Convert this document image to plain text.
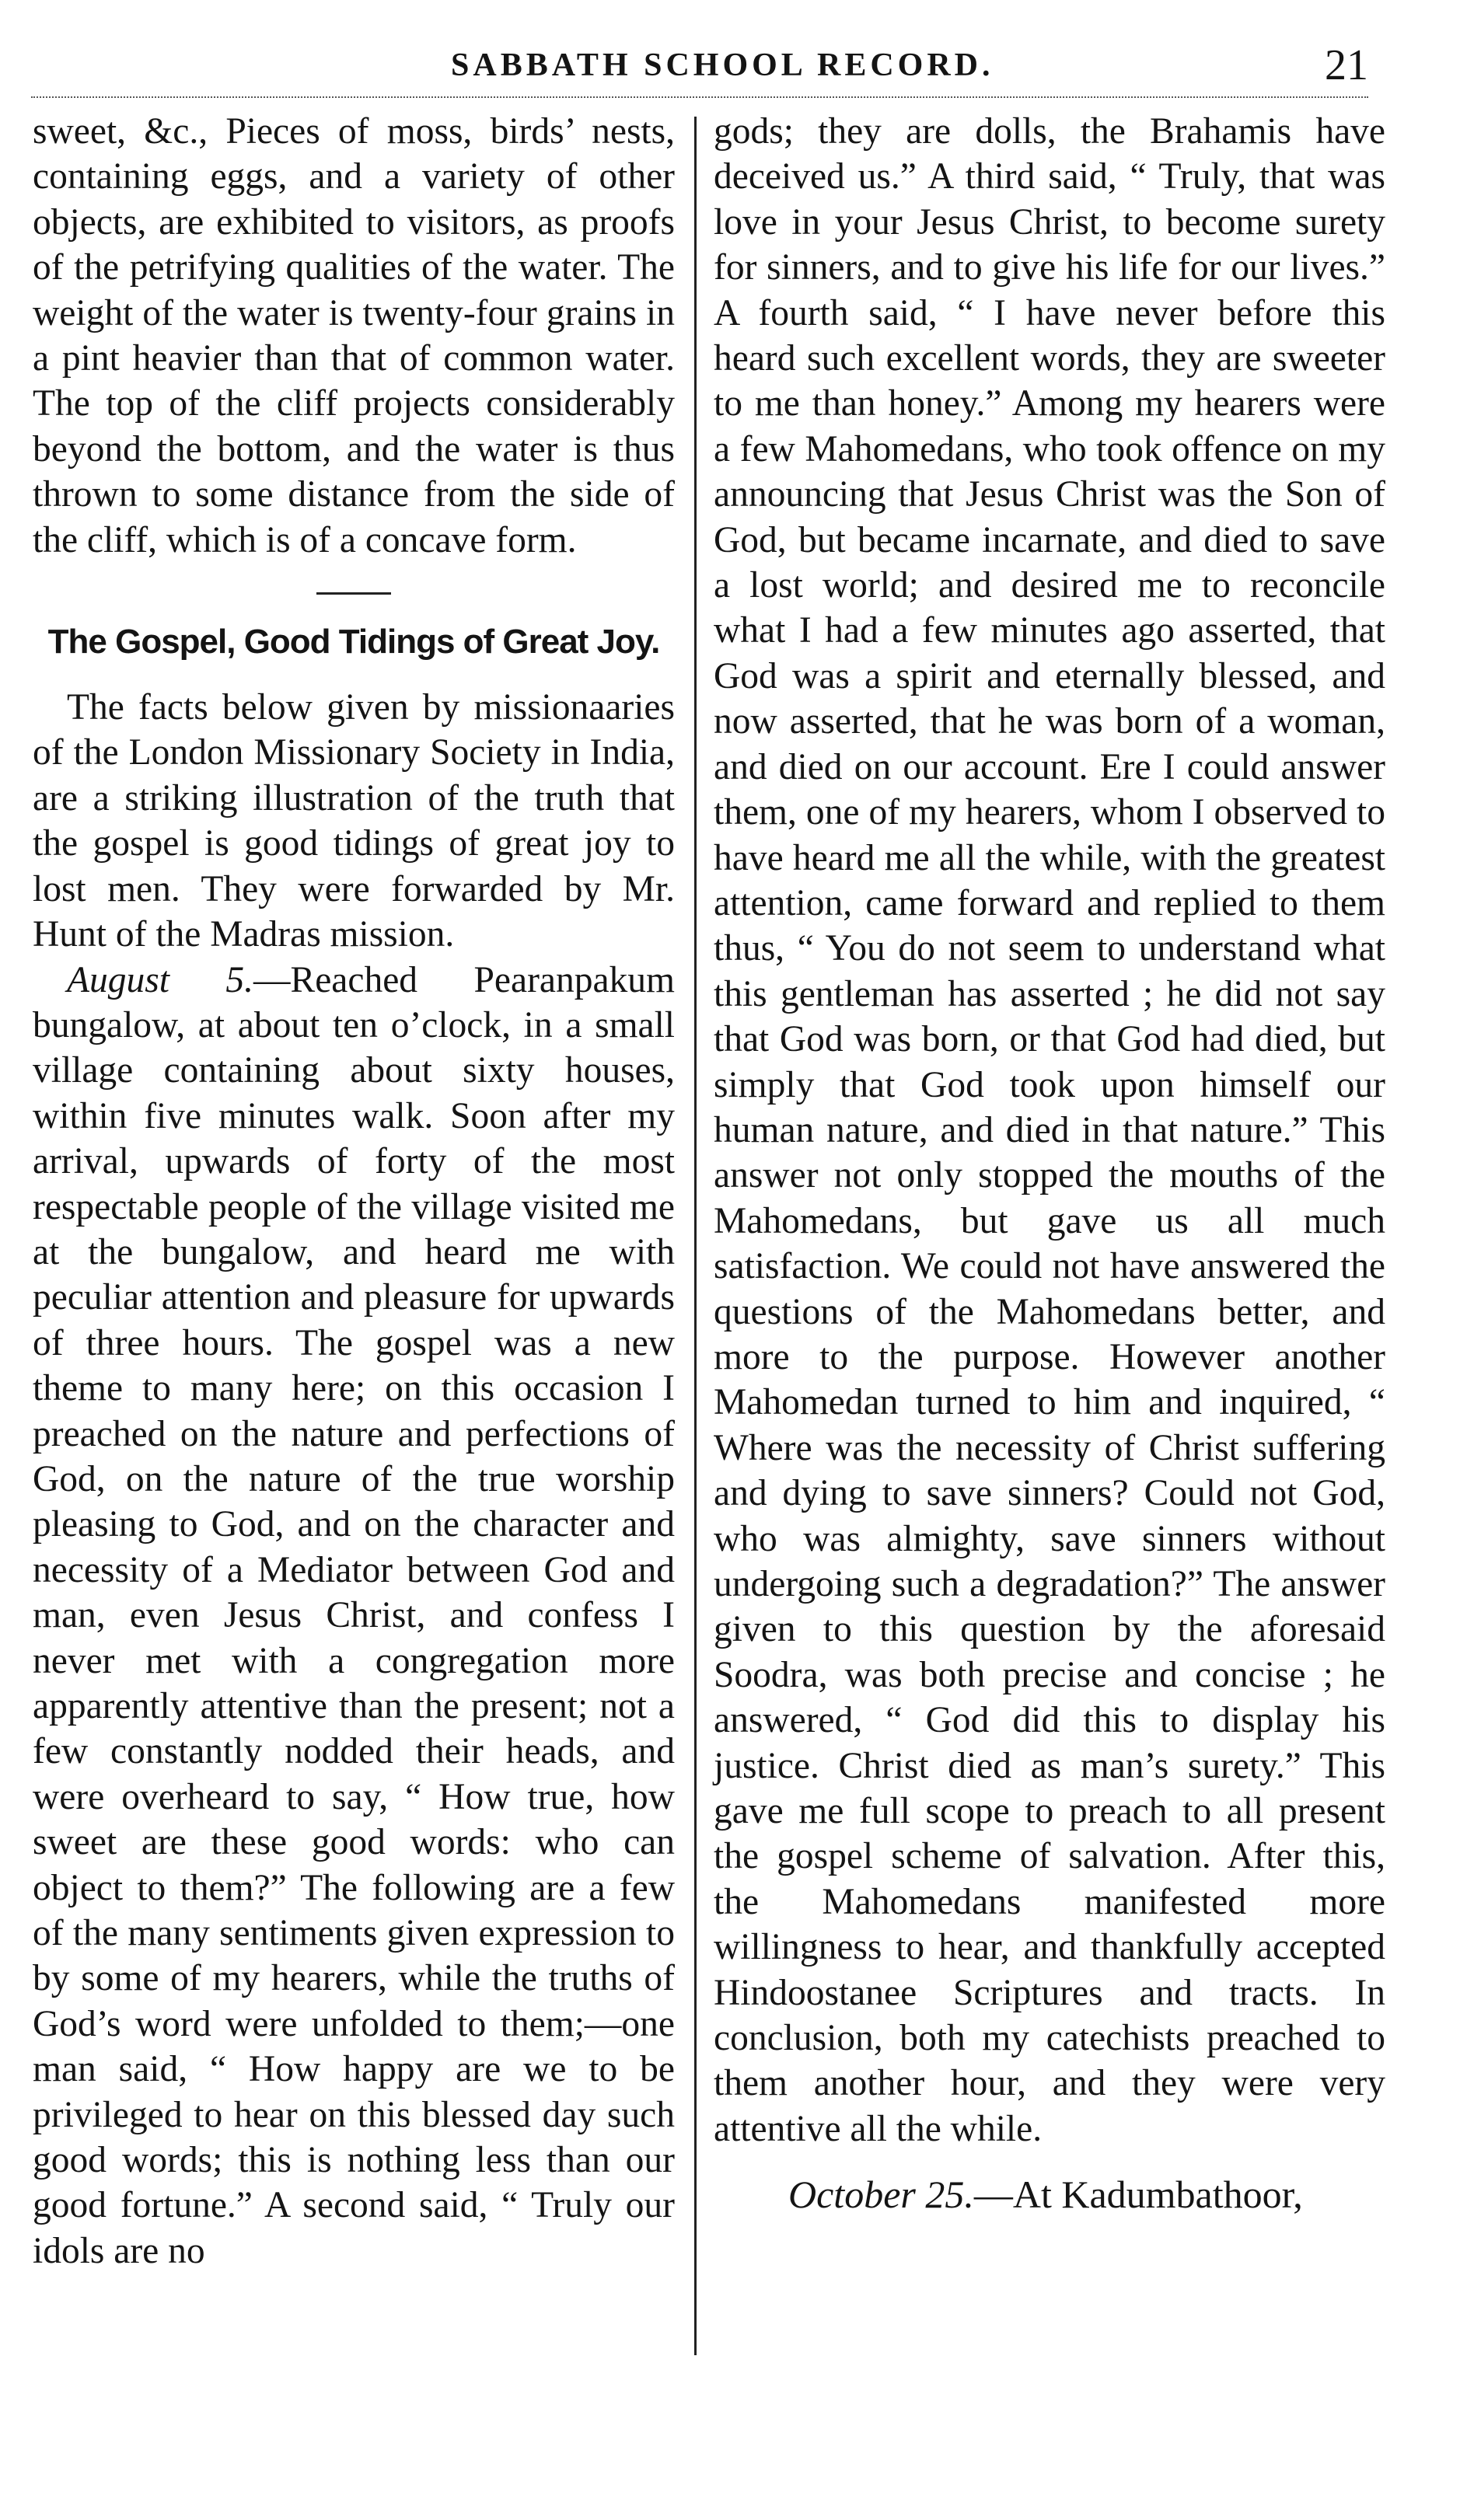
SABBATH SCHOOL RECORD.	21

sweet, &c., Pieces of moss, birds’ nests, containing eggs, and a variety of other objects, are exhibited to visitors, as proofs of the petrifying qualities of the water. The weight of the water is twenty-four grains in a pint heavier than that of common water. The top of the cliff projects considerably beyond the bottom, and the water is thus thrown to some distance from the side of the cliff, which is of a concave form.

The Gospel, Good Tidings of Great Joy.

The facts below given by missionaaries of the London Missionary Society in India, are a striking illustration of the truth that the gospel is good tidings of great joy to lost men. They were forwarded by Mr. Hunt of the Madras mission.

August 5.—Reached Pearanpakum bungalow, at about ten o’clock, in a small village containing about sixty houses, within five minutes walk. Soon after my arrival, upwards of forty of the most respectable people of the village visited me at the bungalow, and heard me with peculiar attention and pleasure for upwards of three hours. The gospel was a new theme to many here; on this occasion I preached on the nature and perfections of God, on the nature of the true worship pleasing to God, and on the character and necessity of a Mediator between God and man, even Jesus Christ, and confess I never met with a congregation more apparently attentive than the present; not a few constantly nodded their heads, and were overheard to say, “ How true, how sweet are these good words: who can object to them?” The following are a few of the many sentiments given expression to by some of my hearers, while the truths of God’s word were unfolded to them;—one man said, “ How happy are we to be privileged to hear on this blessed day such good words; this is nothing less than our good fortune.” A second said, “ Truly our idols are no

gods; they are dolls, the Brahamis have deceived us.” A third said, “ Truly, that was love in your Jesus Christ, to become surety for sinners, and to give his life for our lives.” A fourth said, “ I have never before this heard such excellent words, they are sweeter to me than honey.” Among my hearers were a few Mahomedans, who took offence on my announcing that Jesus Christ was the Son of God, but became incarnate, and died to save a lost world; and desired me to reconcile what I had a few minutes ago asserted, that God was a spirit and eternally blessed, and now asserted, that he was born of a woman, and died on our account. Ere I could answer them, one of my hearers, whom I observed to have heard me all the while, with the greatest attention, came forward and replied to them thus, “ You do not seem to understand what this gentleman has asserted ; he did not say that God was born, or that God had died, but simply that God took upon himself our human nature, and died in that nature.” This answer not only stopped the mouths of the Mahomedans, but gave us all much satisfaction. We could not have answered the questions of the Mahomedans better, and more to the purpose. However another Mahomedan turned to him and inquired, “ Where was the necessity of Christ suffering and dying to save sinners? Could not God, who was almighty, save sinners without undergoing such a degradation?” The answer given to this question by the aforesaid Soodra, was both precise and concise ; he answered, “ God did this to display his justice. Christ died as man’s surety.” This gave me full scope to preach to all present the gospel scheme of salvation. After this, the Mahomedans manifested more willingness to hear, and thankfully accepted Hindoostanee Scriptures and tracts. In conclusion, both my catechists preached to them another hour, and they were very attentive all the while.

October 25.—At Kadumbathoor,
